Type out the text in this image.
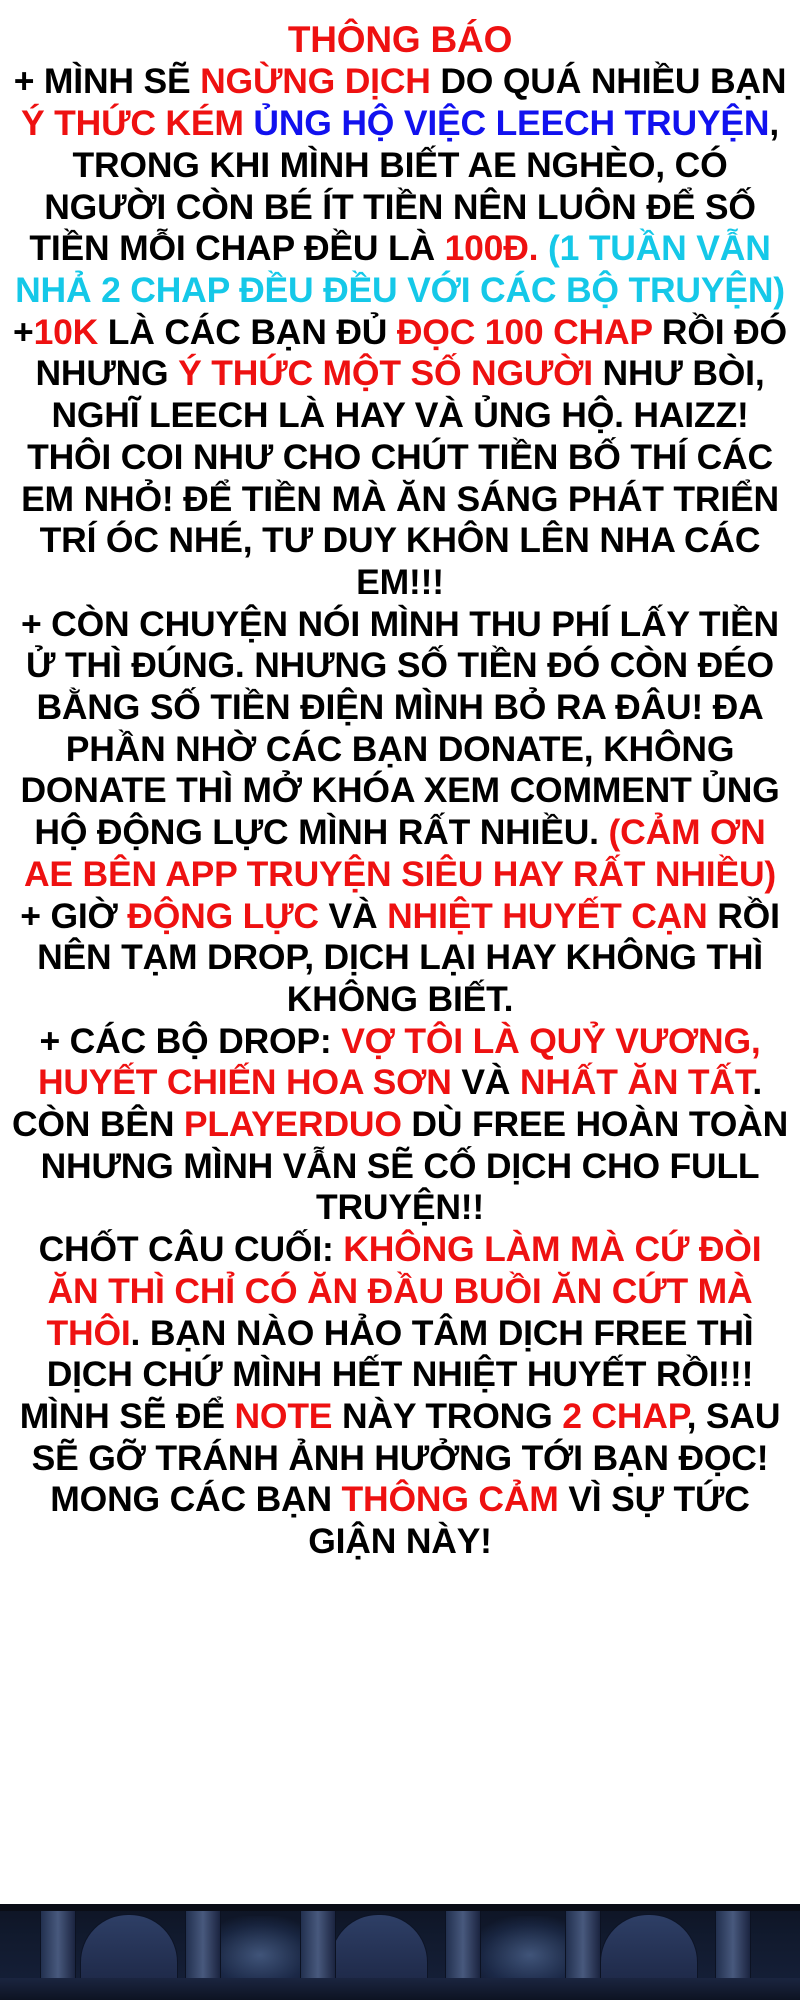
THÔNG BÁO

+ MÌNH SẼ NGỪNG DỊCH DO QUÁ NHIỀU BẠN Ý THỨC KÉM ỦNG HỘ VIỆC LEECH TRUYỆN, TRONG KHI MÌNH BIẾT AE NGHÈO, CÓ NGƯỜI CÒN BÉ ÍT TIỀN NÊN LUÔN ĐỂ SỐ TIỀN MỖI CHAP ĐỀU LÀ 100Đ. (1 TUẦN VẪN NHẢ 2 CHAP ĐỀU ĐỀU VỚI CÁC BỘ TRUYỆN)

+10K LÀ CÁC BẠN ĐỦ ĐỌC 100 CHAP RỒI ĐÓ NHƯNG Ý THỨC MỘT SỐ NGƯỜI NHƯ BÒI, NGHĨ LEECH LÀ HAY VÀ ỦNG HỘ. HAIZZ! THÔI COI NHƯ CHO CHÚT TIỀN BỐ THÍ CÁC EM NHỎ! ĐỂ TIỀN MÀ ĂN SÁNG PHÁT TRIỂN TRÍ ÓC NHÉ, TƯ DUY KHÔN LÊN NHA CÁC EM!!!

+ CÒN CHUYỆN NÓI MÌNH THU PHÍ LẤY TIỀN Ử THÌ ĐÚNG. NHƯNG SỐ TIỀN ĐÓ CÒN ĐÉO BẰNG SỐ TIỀN ĐIỆN MÌNH BỎ RA ĐÂU! ĐA PHẦN NHỜ CÁC BẠN DONATE, KHÔNG DONATE THÌ MỞ KHÓA XEM COMMENT ỦNG HỘ ĐỘNG LỰC MÌNH RẤT NHIỀU. (CẢM ƠN AE BÊN APP TRUYỆN SIÊU HAY RẤT NHIỀU)

+ GIỜ ĐỘNG LỰC VÀ NHIỆT HUYẾT CẠN RỒI NÊN TẠM DROP, DỊCH LẠI HAY KHÔNG THÌ KHÔNG BIẾT.

+ CÁC BỘ DROP: VỢ TÔI LÀ QUỶ VƯƠNG, HUYẾT CHIẾN HOA SƠN VÀ NHẤT ĂN TẤT. CÒN BÊN PLAYERDUO DÙ FREE HOÀN TOÀN NHƯNG MÌNH VẪN SẼ CỐ DỊCH CHO FULL TRUYỆN!!

CHỐT CÂU CUỐI: KHÔNG LÀM MÀ CỨ ĐÒI ĂN THÌ CHỈ CÓ ĂN ĐẦU BUỒI ĂN CỨT MÀ THÔI. BẠN NÀO HẢO TÂM DỊCH FREE THÌ DỊCH CHỨ MÌNH HẾT NHIỆT HUYẾT RỒI!!!

MÌNH SẼ ĐỂ NOTE NÀY TRONG 2 CHAP, SAU SẼ GỠ TRÁNH ẢNH HƯỞNG TỚI BẠN ĐỌC! MONG CÁC BẠN THÔNG CẢM VÌ SỰ TỨC GIẬN NÀY!
